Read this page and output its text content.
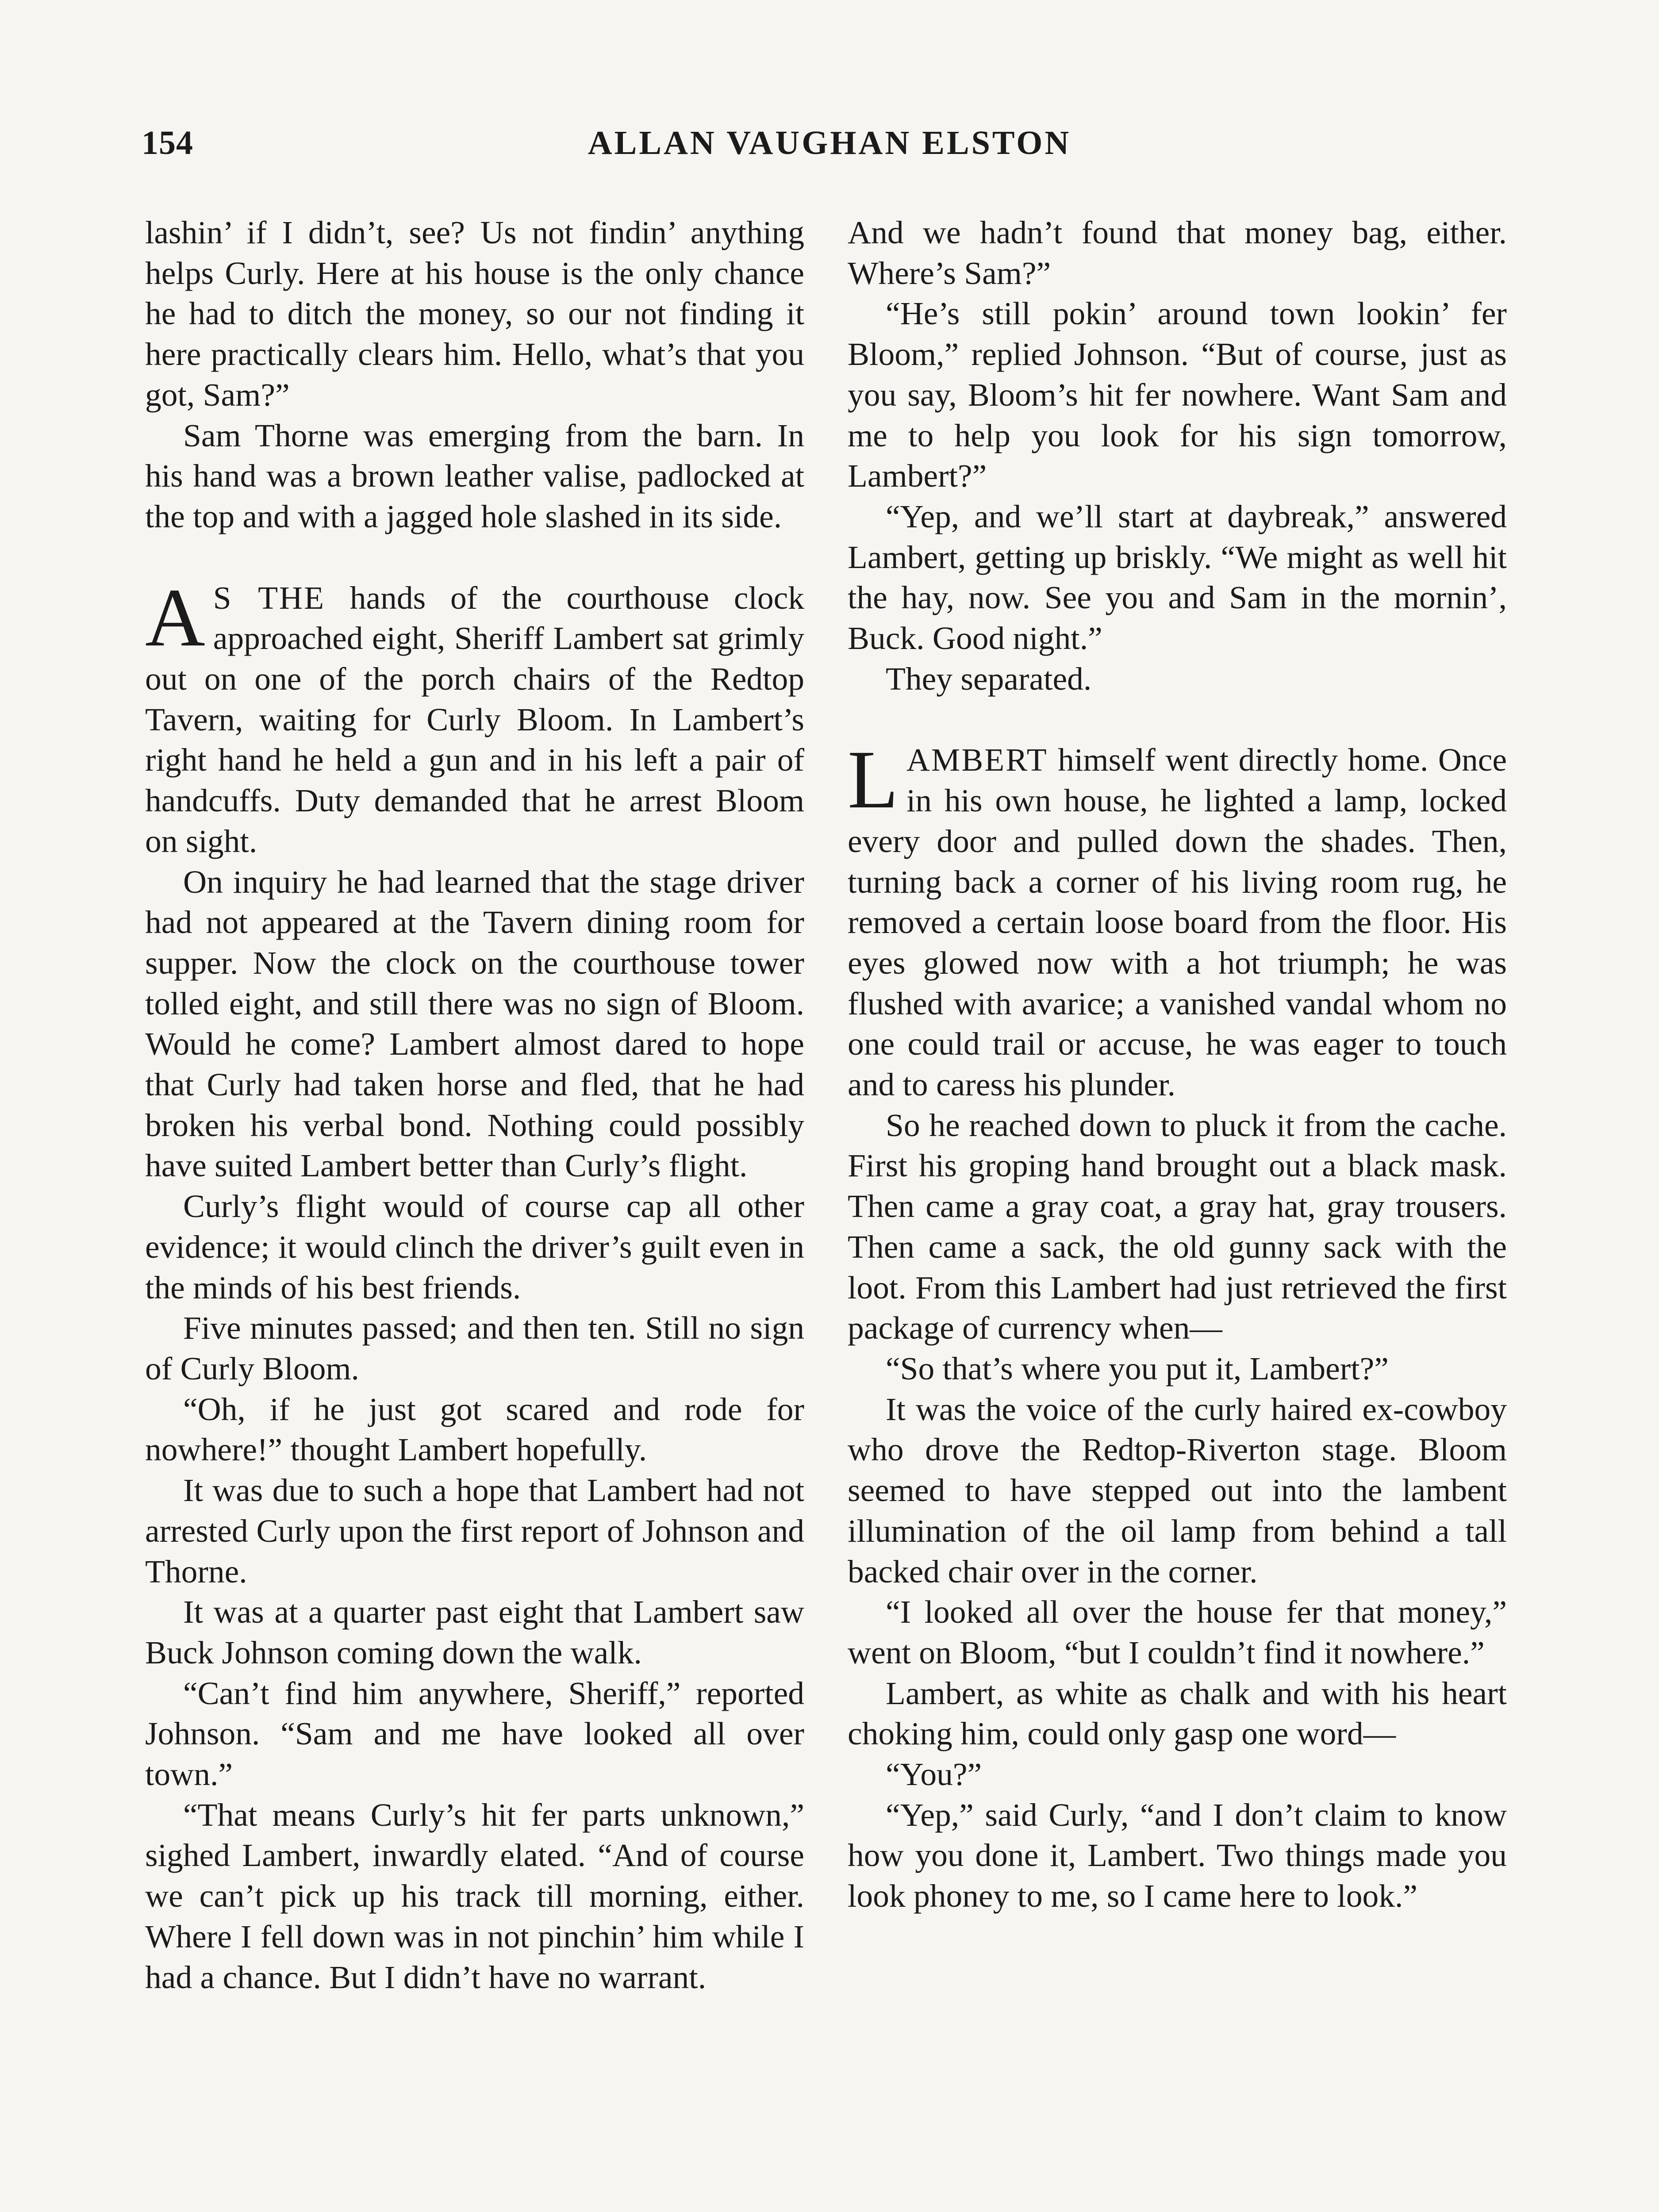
154	ALLAN VAUGHAN ELSTON

lashin’ if I didn’t, see? Us not findin’ anything helps Curly. Here at his house is the only chance he had to ditch the money, so our not finding it here practically clears him. Hello, what’s that you got, Sam?”

Sam Thorne was emerging from the barn. In his hand was a brown leather valise, padlocked at the top and with a jagged hole slashed in its side.

A S THE hands of the courthouse clock approached eight, Sheriff Lambert sat grimly out on one of the porch chairs of the Redtop Tavern, waiting for Curly Bloom. In Lambert’s right hand he held a gun and in his left a pair of handcuffs. Duty demanded that he arrest Bloom on sight.

On inquiry he had learned that the stage driver had not appeared at the Tavern dining room for supper. Now the clock on the courthouse tower tolled eight, and still there was no sign of Bloom. Would he come? Lambert almost dared to hope that Curly had taken horse and fled, that he had broken his verbal bond. Nothing could possibly have suited Lambert better than Curly’s flight.

Curly’s flight would of course cap all other evidence; it would clinch the driver’s guilt even in the minds of his best friends.

Five minutes passed; and then ten. Still no sign of Curly Bloom.

“Oh, if he just got scared and rode for nowhere!” thought Lambert hopefully.

It was due to such a hope that Lambert had not arrested Curly upon the first report of Johnson and Thorne.

It was at a quarter past eight that Lambert saw Buck Johnson coming down the walk.

“Can’t find him anywhere, Sheriff,” reported Johnson. “Sam and me have looked all over town.”

“That means Curly’s hit fer parts unknown,” sighed Lambert, inwardly elated. “And of course we can’t pick up his track till morning, either. Where I fell down was in not pinchin’ him while I had a chance. But I didn’t have no warrant.

And we hadn’t found that money bag, either. Where’s Sam?”

“He’s still pokin’ around town lookin’ fer Bloom,” replied Johnson. “But of course, just as you say, Bloom’s hit fer nowhere. Want Sam and me to help you look for his sign tomorrow, Lambert?”

“Yep, and we’ll start at daybreak,” answered Lambert, getting up briskly. “We might as well hit the hay, now. See you and Sam in the mornin’, Buck. Good night.”

They separated.

LAMBERT himself went directly home. Once in his own house, he lighted a lamp, locked every door and pulled down the shades. Then, turning back a corner of his living room rug, he removed a certain loose board from the floor. His eyes glowed now with a hot triumph; he was flushed with avarice; a vanished vandal whom no one could trail or accuse, he was eager to touch and to caress his plunder.

So he reached down to pluck it from the cache. First his groping hand brought out a black mask. Then came a gray coat, a gray hat, gray trousers. Then came a sack, the old gunny sack with the loot. From this Lambert had just retrieved the first package of currency when—

“So that’s where you put it, Lambert?”

It was the voice of the curly haired ex-cowboy who drove the Redtop-Riverton stage. Bloom seemed to have stepped out into the lambent illumination of the oil lamp from behind a tall backed chair over in the corner.

“I looked all over the house fer that money,” went on Bloom, “but I couldn’t find it nowhere.”

Lambert, as white as chalk and with his heart choking him, could only gasp one word—

“You?”

“Yep,” said Curly, “and I don’t claim to know how you done it, Lambert. Two things made you look phoney to me, so I came here to look.”
